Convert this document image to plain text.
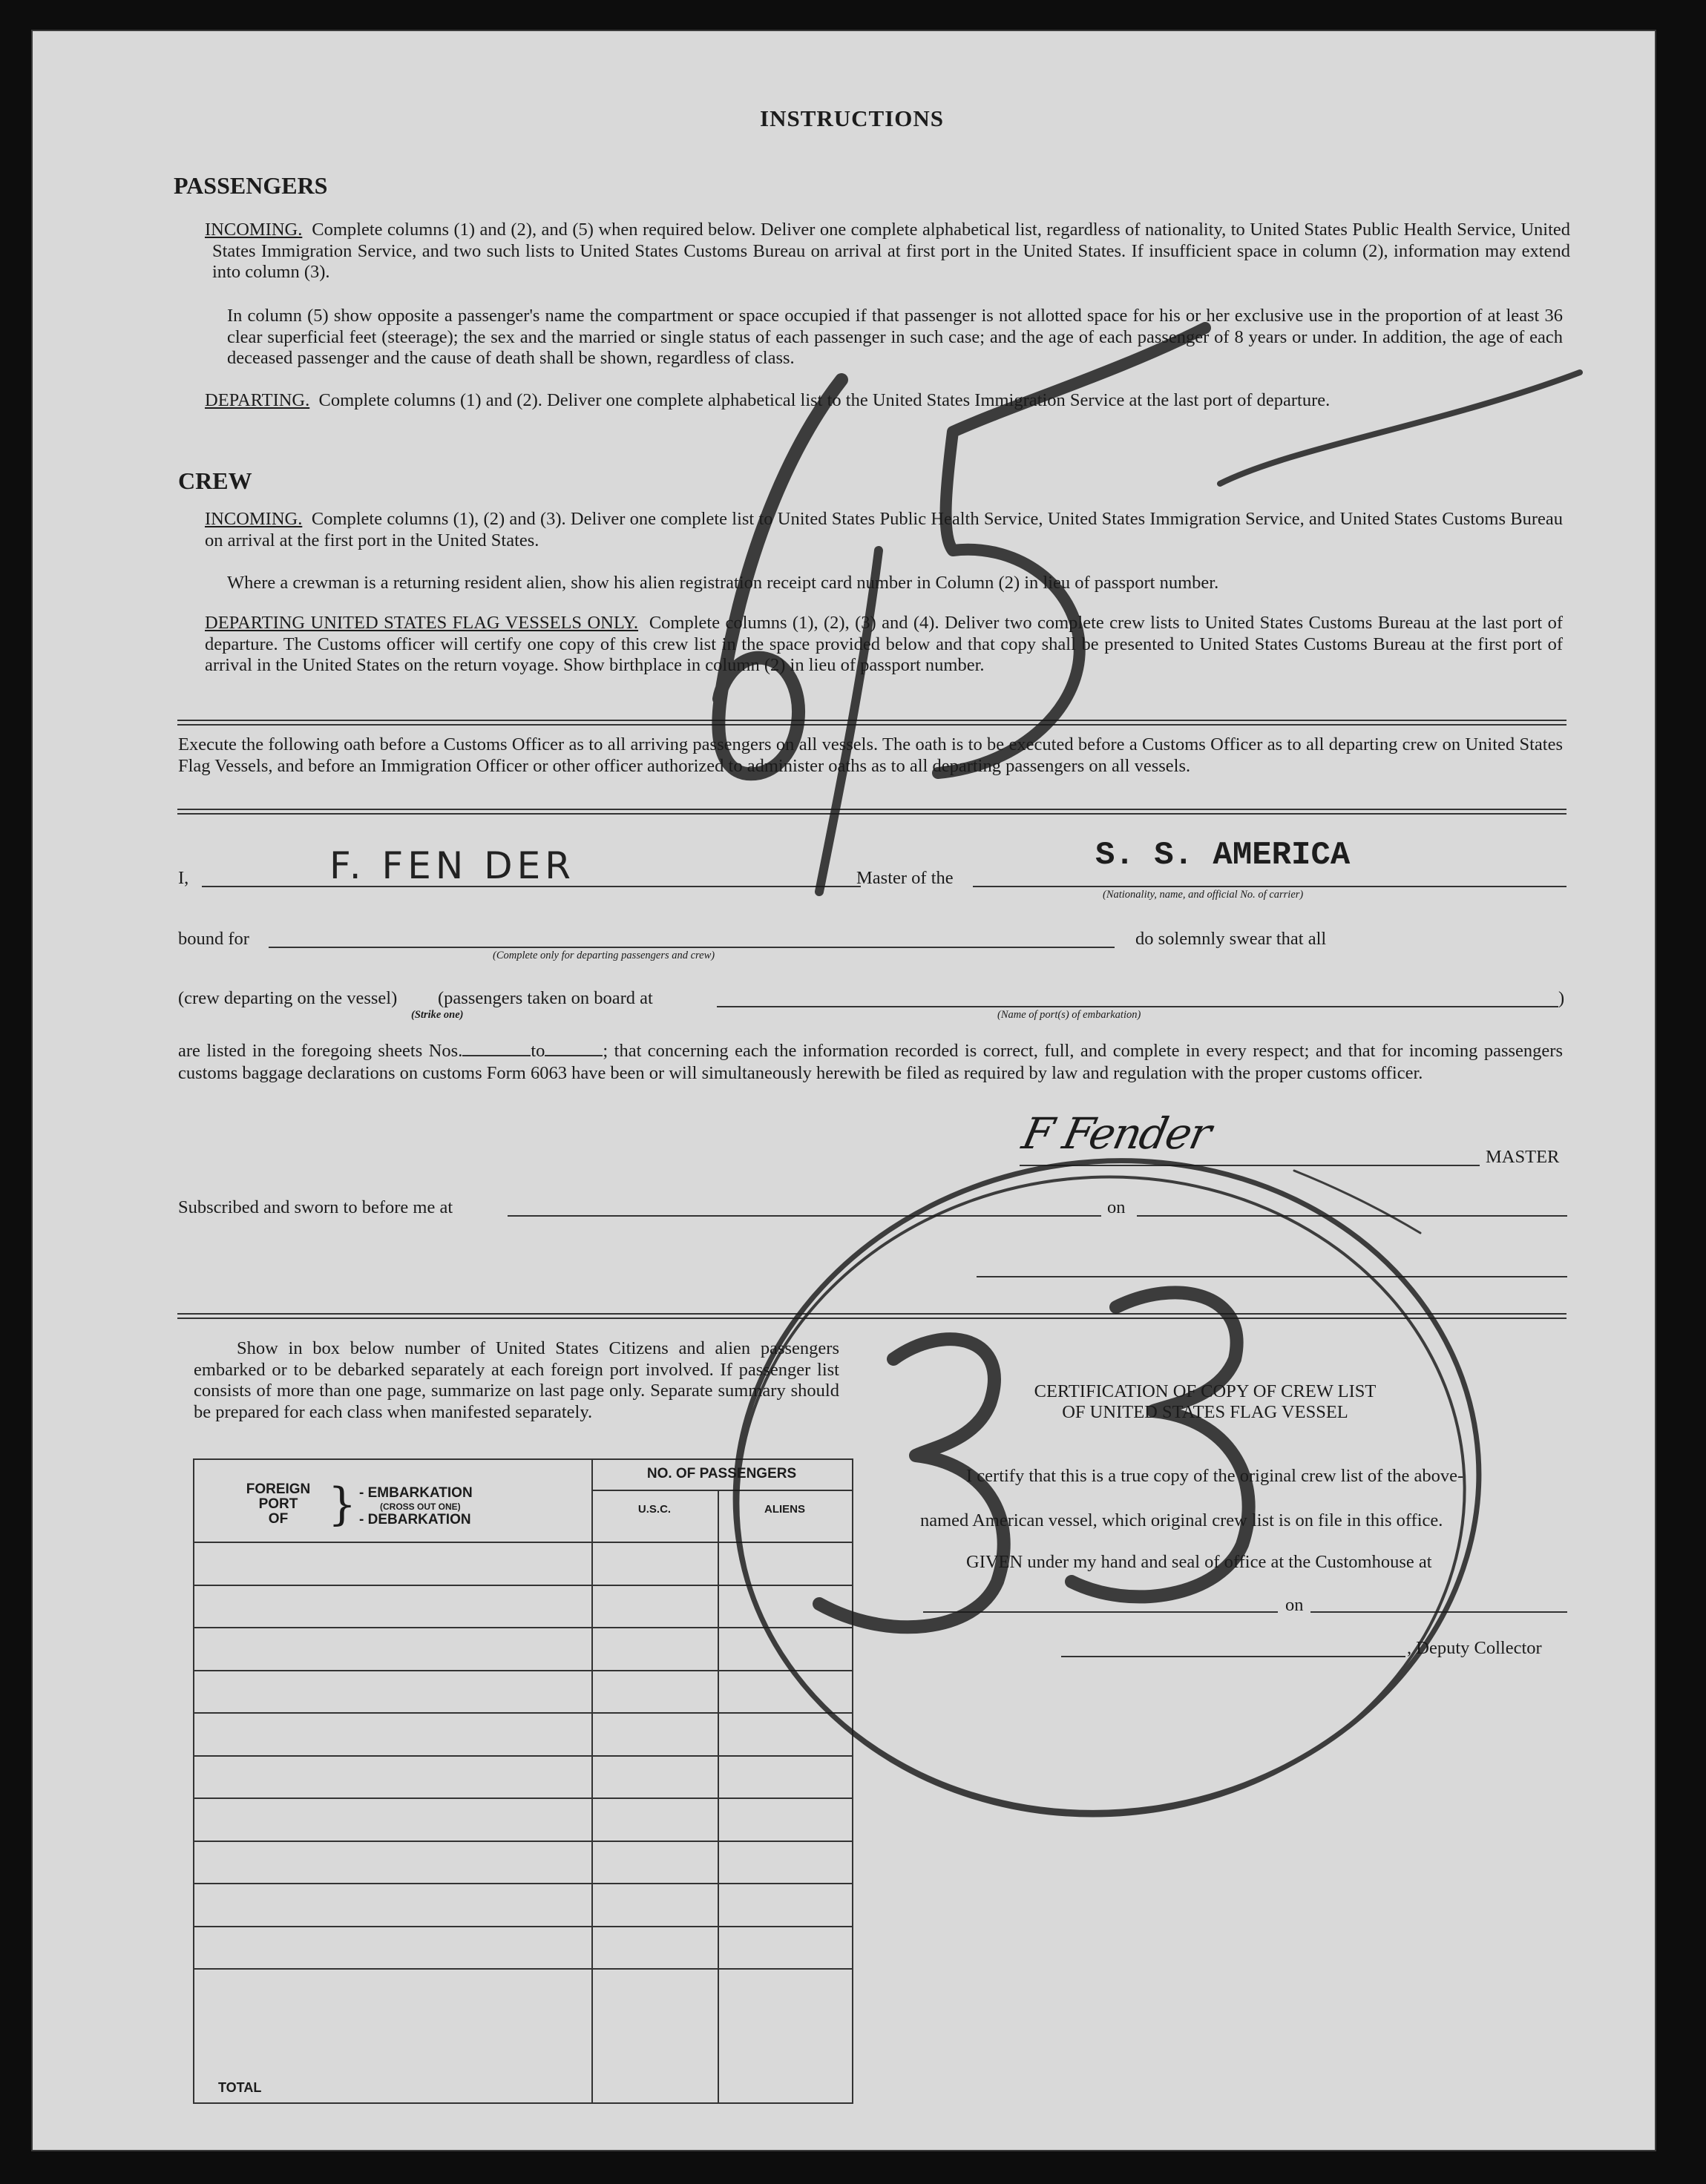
INSTRUCTIONS
PASSENGERS
INCOMING. Complete columns (1) and (2), and (5) when required below. Deliver one complete alphabetical list, regardless of nationality, to United States Public Health Service, United States Immigration Service, and two such lists to United States Customs Bureau on arrival at first port in the United States. If insufficient space in column (2), information may extend into column (3).
In column (5) show opposite a passenger's name the compartment or space occupied if that passenger is not allotted space for his or her exclusive use in the proportion of at least 36 clear superficial feet (steerage); the sex and the married or single status of each passenger in such case; and the age of each passenger of 8 years or under. In addition, the age of each deceased passenger and the cause of death shall be shown, regardless of class.
DEPARTING. Complete columns (1) and (2). Deliver one complete alphabetical list to the United States Immigration Service at the last port of departure.
CREW
INCOMING. Complete columns (1), (2) and (3). Deliver one complete list to United States Public Health Service, United States Immigration Service, and United States Customs Bureau on arrival at the first port in the United States.
Where a crewman is a returning resident alien, show his alien registration receipt card number in Column (2) in lieu of passport number.
DEPARTING UNITED STATES FLAG VESSELS ONLY. Complete columns (1), (2), (3) and (4). Deliver two complete crew lists to United States Customs Bureau at the last port of departure. The Customs officer will certify one copy of this crew list in the space provided below and that copy shall be presented to United States Customs Bureau at the first port of arrival in the United States on the return voyage. Show birthplace in column (2) in lieu of passport number.
Execute the following oath before a Customs Officer as to all arriving passengers on all vessels. The oath is to be executed before a Customs Officer as to all departing crew on United States Flag Vessels, and before an Immigration Officer or other officer authorized to administer oaths as to all departing passengers on all vessels.
I,	F. FEN DER	Master of the
S. S. AMERICA
(Nationality, name, and official No. of carrier)
bound for
(Complete only for departing passengers and crew)
do solemnly swear that all
(crew departing on the vessel) (passengers taken on board at	)
(Strike one)	(Name of port(s) of embarkation)
are listed in the foregoing sheets Nos.	to	; that concerning each the information recorded is correct, full, and complete in every respect; and that for incoming passengers customs baggage declarations on customs Form 6063 have been or will simultaneously herewith be filed as required by law and regulation with the proper customs officer.
F Fender	MASTER
Subscribed and sworn to before me at	on
Show in box below number of United States Citizens and alien passengers embarked or to be debarked separately at each foreign port involved. If passenger list consists of more than one page, summarize on last page only. Separate summary should be prepared for each class when manifested separately.
FOREIGN
PORT
OF } - EMBARKATION
(CROSS OUT ONE)
- DEBARKATION
NO. OF PASSENGERS
U.S.C.	ALIENS
TOTAL
CERTIFICATION OF COPY OF CREW LIST
OF UNITED STATES FLAG VESSEL
I certify that this is a true copy of the original crew list of the above-
named American vessel, which original crew list is on file in this office.
GIVEN under my hand and seal of office at the Customhouse at
on
, Deputy Collector
